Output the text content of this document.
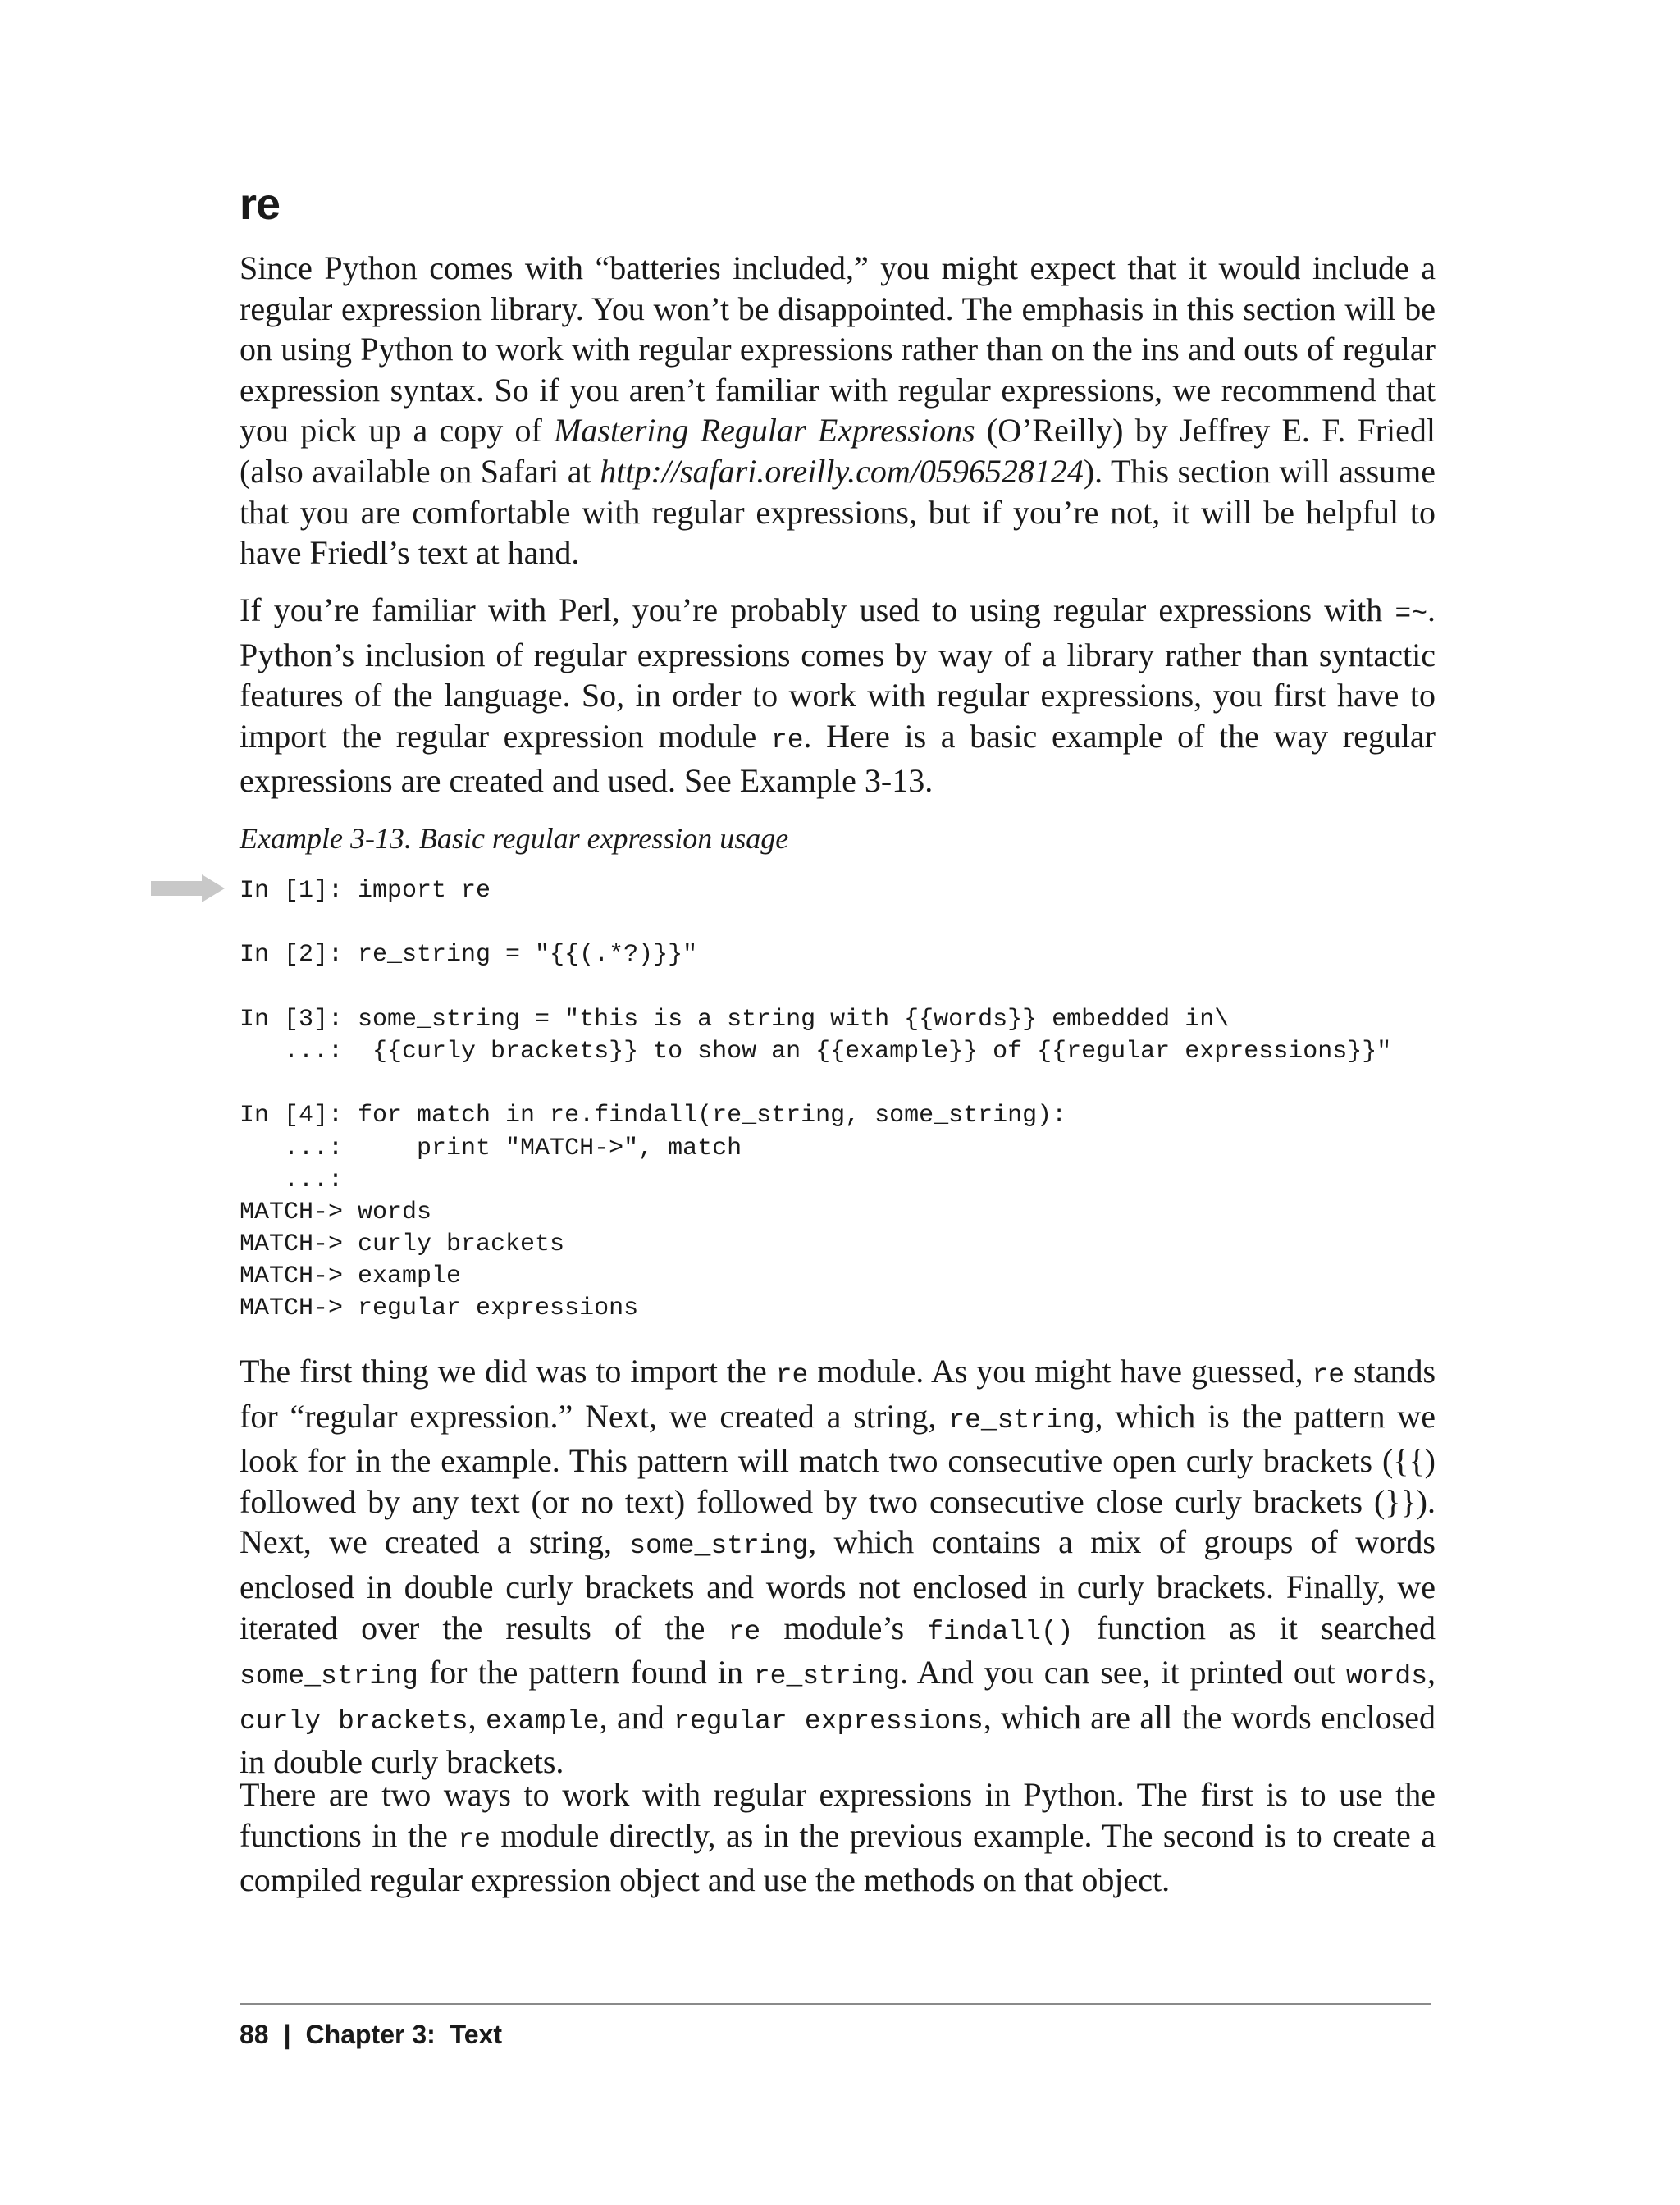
re

Since Python comes with “batteries included,” you might expect that it would include a regular expression library. You won’t be disappointed. The emphasis in this section will be on using Python to work with regular expressions rather than on the ins and outs of regular expression syntax. So if you aren’t familiar with regular expressions, we recommend that you pick up a copy of Mastering Regular Expressions (O’Reilly) by Jeffrey E. F. Friedl (also available on Safari at http://safari.oreilly.com/0596528124). This section will assume that you are comfortable with regular expressions, but if you’re not, it will be helpful to have Friedl’s text at hand.

If you’re familiar with Perl, you’re probably used to using regular expressions with =~. Python’s inclusion of regular expressions comes by way of a library rather than syntactic features of the language. So, in order to work with regular expressions, you first have to import the regular expression module re. Here is a basic example of the way regular expressions are created and used. See Example 3-13.

Example 3-13. Basic regular expression usage
In [1]: import re
In [2]: re_string = "{{(.*?)}}"
In [3]: some_string = "this is a string with {{words}} embedded in\
...:  {{curly brackets}} to show an {{example}} of {{regular expressions}}"
In [4]: for match in re.findall(re_string, some_string):
...:     print "MATCH->", match
...:
MATCH-> words
MATCH-> curly brackets
MATCH-> example
MATCH-> regular expressions

The first thing we did was to import the re module. As you might have guessed, re stands for “regular expression.” Next, we created a string, re_string, which is the pattern we look for in the example. This pattern will match two consecutive open curly brackets ({{) followed by any text (or no text) followed by two consecutive close curly brackets (}}). Next, we created a string, some_string, which contains a mix of groups of words enclosed in double curly brackets and words not enclosed in curly brackets. Finally, we iterated over the results of the re module’s findall() function as it searched some_string for the pattern found in re_string. And you can see, it printed out words, curly brackets, example, and regular expressions, which are all the words enclosed in double curly brackets.

There are two ways to work with regular expressions in Python. The first is to use the functions in the re module directly, as in the previous example. The second is to create a compiled regular expression object and use the methods on that object.

88 | Chapter 3:  Text
